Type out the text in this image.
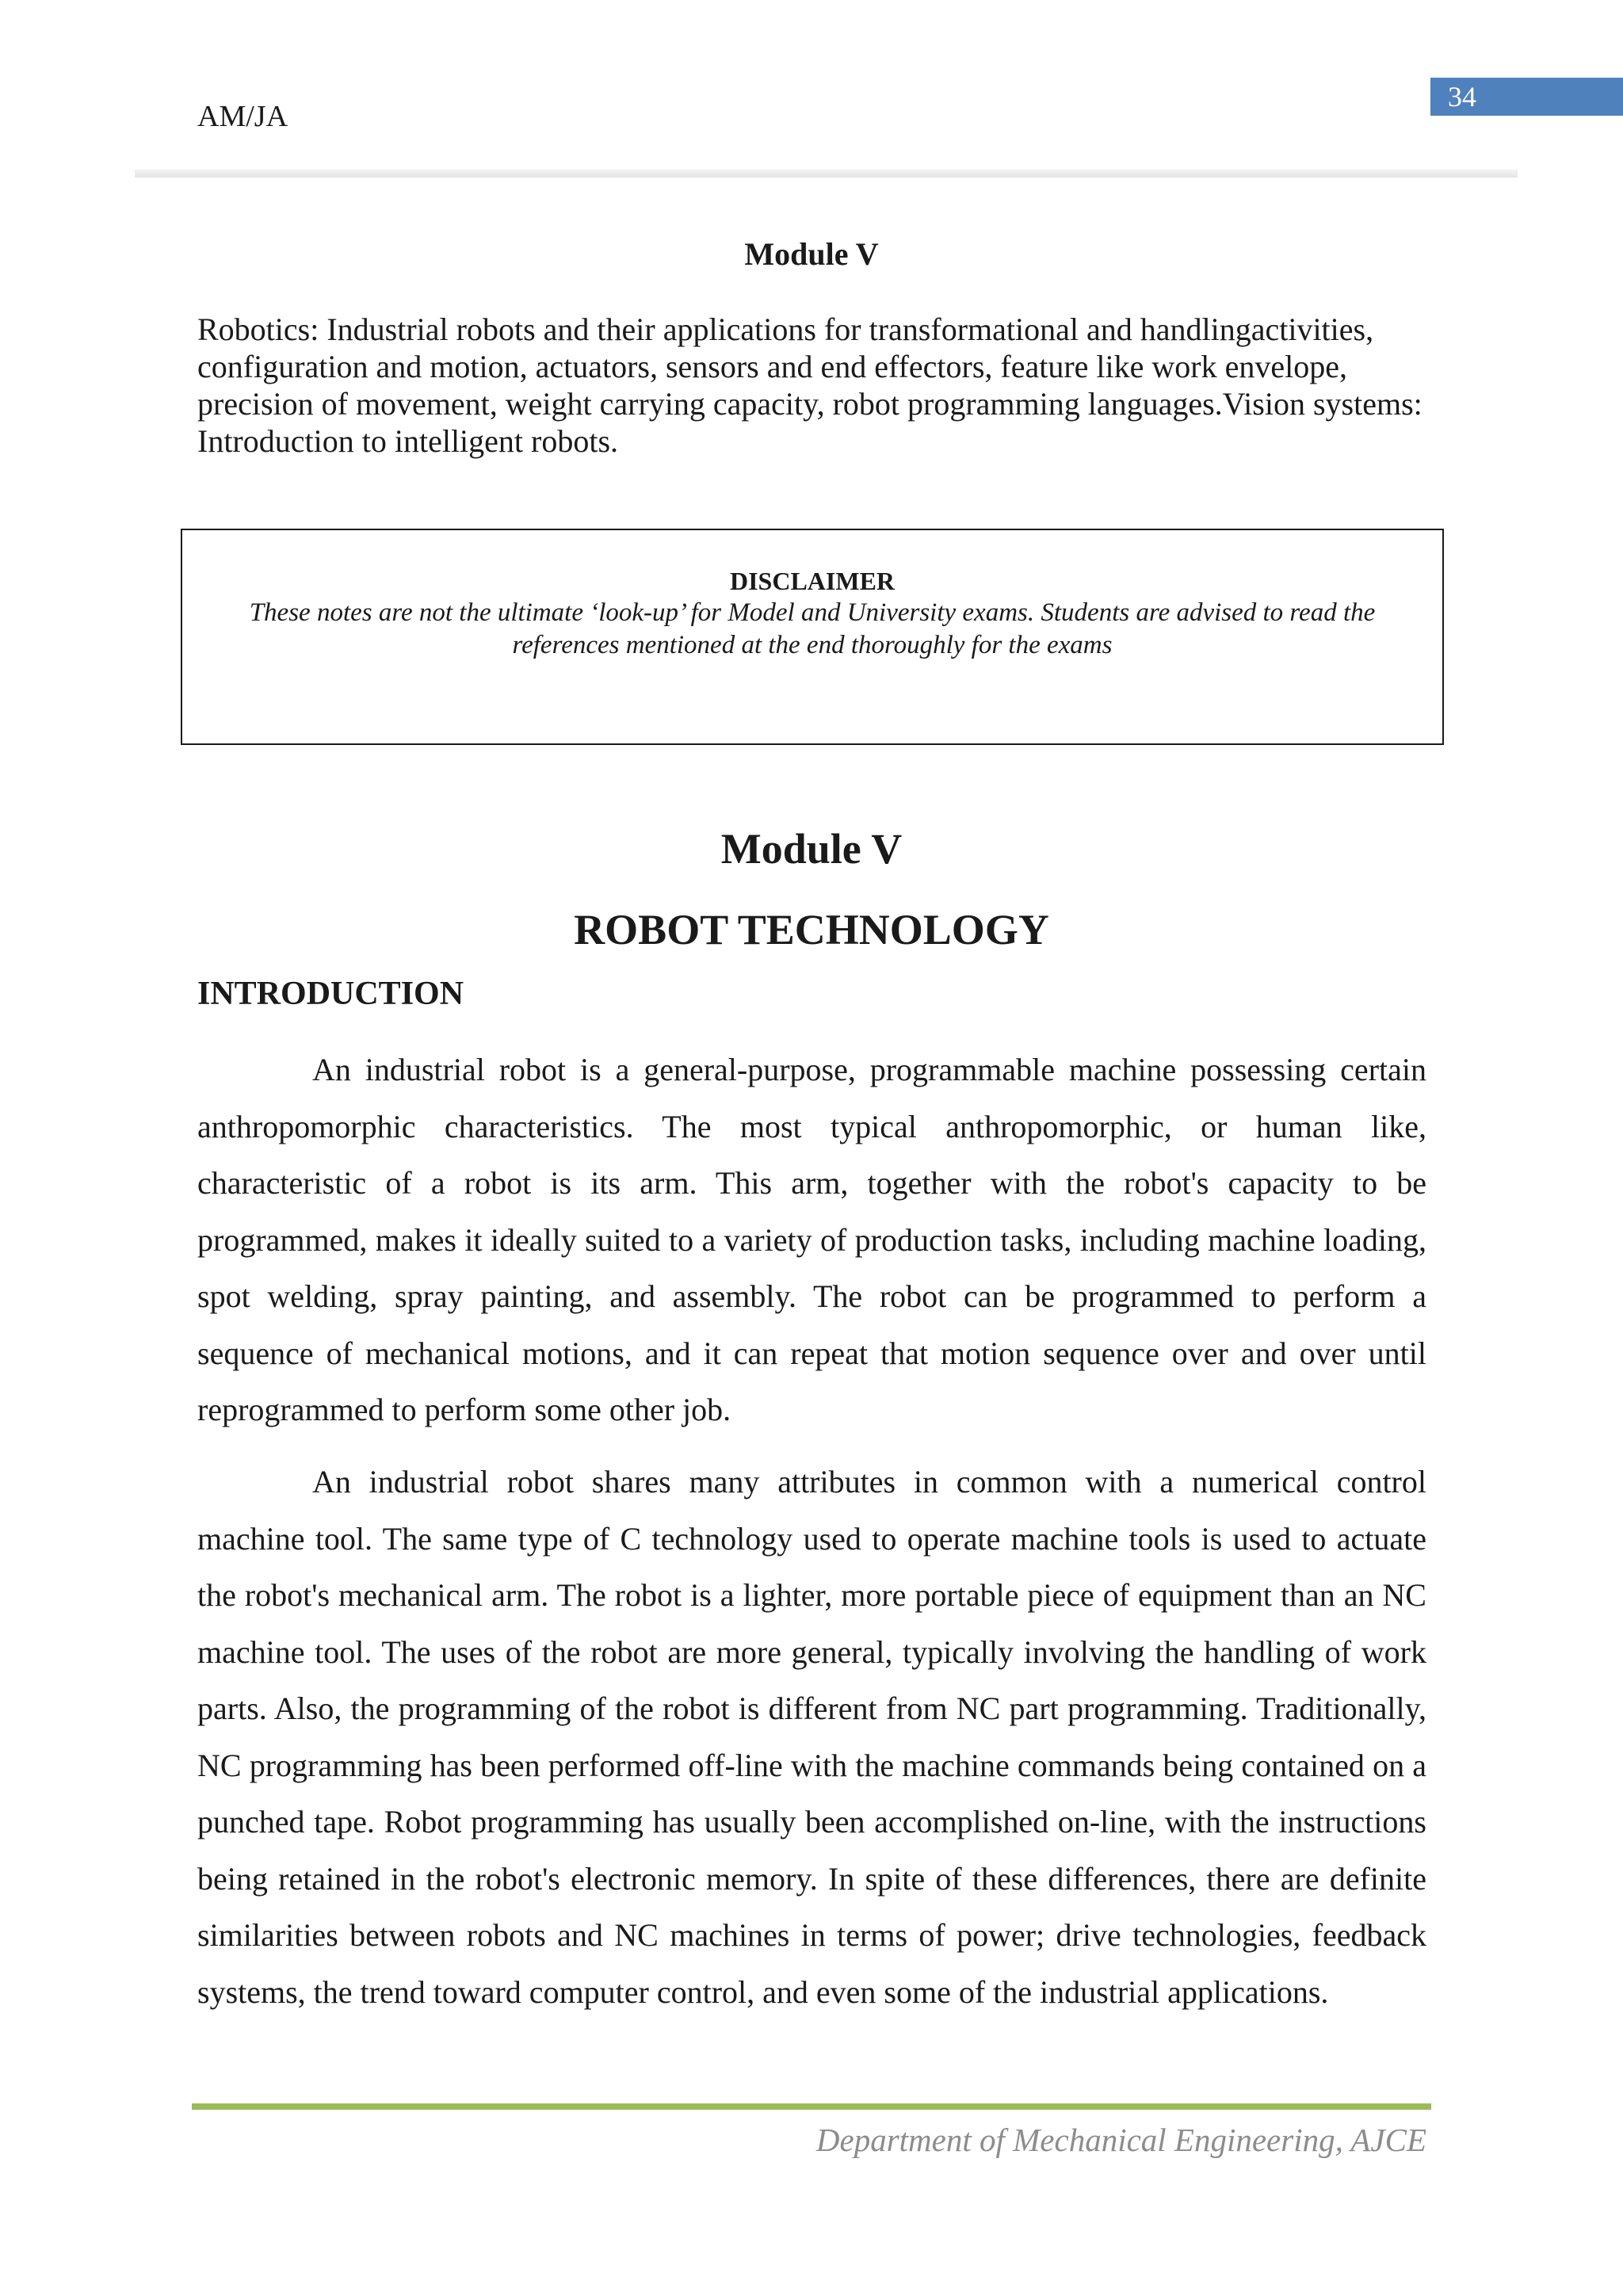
34
AM/JA
Module V
Robotics: Industrial robots and their applications for transformational and handlingactivities, configuration and motion, actuators, sensors and end effectors, feature like work envelope, precision of movement, weight carrying capacity, robot programming languages.Vision systems: Introduction to intelligent robots.
DISCLAIMER
These notes are not the ultimate ‘look-up’ for Model and University exams. Students are advised to read the references mentioned at the end thoroughly for the exams
Module V
ROBOT TECHNOLOGY
INTRODUCTION

An industrial robot is a general-purpose, programmable machine possessing certain anthropomorphic characteristics. The most typical anthropomorphic, or human like, characteristic of a robot is its arm. This arm, together with the robot's capacity to be programmed, makes it ideally suited to a variety of production tasks, including machine loading, spot welding, spray painting, and assembly. The robot can be programmed to perform a sequence of mechanical motions, and it can repeat that motion sequence over and over until reprogrammed to perform some other job.

An industrial robot shares many attributes in common with a numerical control machine tool. The same type of C technology used to operate machine tools is used to actuate the robot's mechanical arm. The robot is a lighter, more portable piece of equipment than an NC machine tool. The uses of the robot are more general, typically involving the handling of work parts. Also, the programming of the robot is different from NC part programming. Traditionally, NC programming has been performed off-line with the machine commands being contained on a punched tape. Robot programming has usually been accomplished on-line, with the instructions being retained in the robot's electronic memory. In spite of these differences, there are definite similarities between robots and NC machines in terms of power; drive technologies, feedback systems, the trend toward computer control, and even some of the industrial applications.

Department of Mechanical Engineering, AJCE
